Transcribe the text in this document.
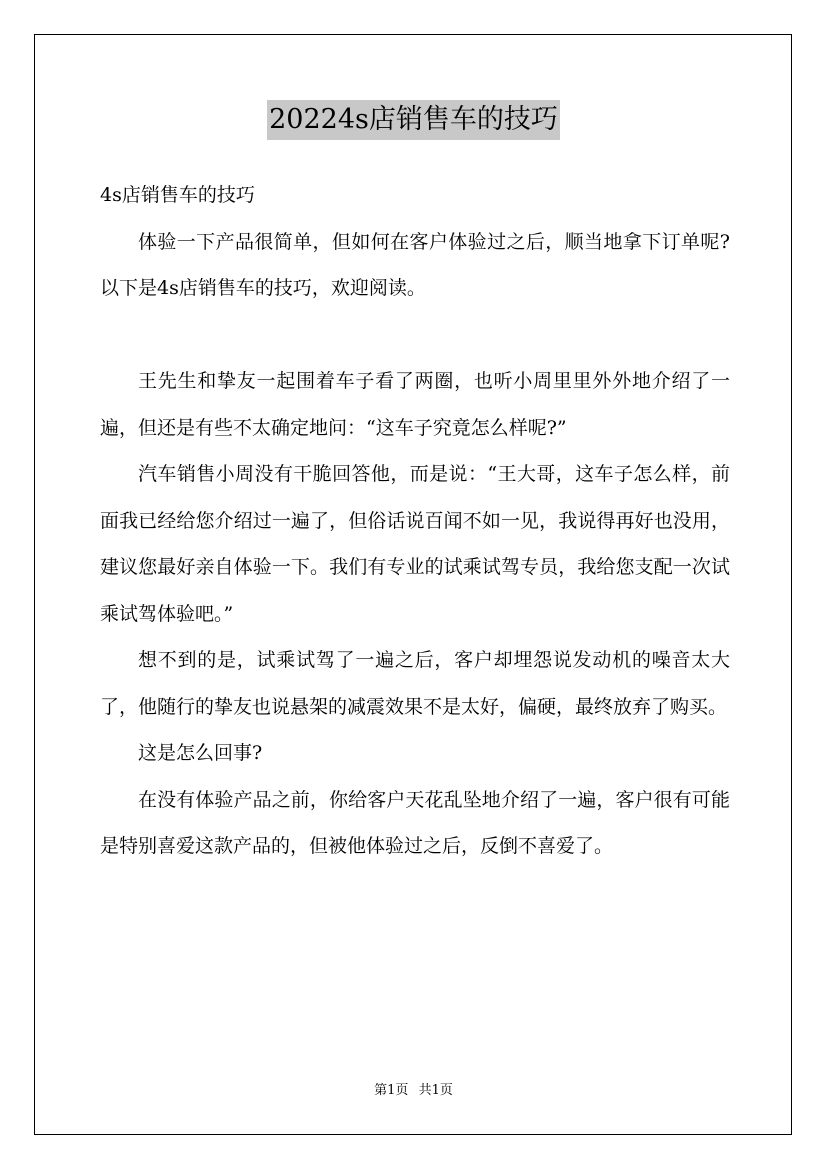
20224s店销售车的技巧

4s店销售车的技巧

体验一下产品很简单，但如何在客户体验过之后，顺当地拿下订单呢?以下是4s店销售车的技巧，欢迎阅读。

王先生和挚友一起围着车子看了两圈，也听小周里里外外地介绍了一遍，但还是有些不太确定地问：“这车子究竟怎么样呢?”

汽车销售小周没有干脆回答他，而是说：“王大哥，这车子怎么样，前面我已经给您介绍过一遍了，但俗话说百闻不如一见，我说得再好也没用，建议您最好亲自体验一下。我们有专业的试乘试驾专员，我给您支配一次试乘试驾体验吧。”

想不到的是，试乘试驾了一遍之后，客户却埋怨说发动机的噪音太大了，他随行的挚友也说悬架的减震效果不是太好，偏硬，最终放弃了购买。

这是怎么回事?

在没有体验产品之前，你给客户天花乱坠地介绍了一遍，客户很有可能是特别喜爱这款产品的，但被他体验过之后，反倒不喜爱了。

第1页 共1页
